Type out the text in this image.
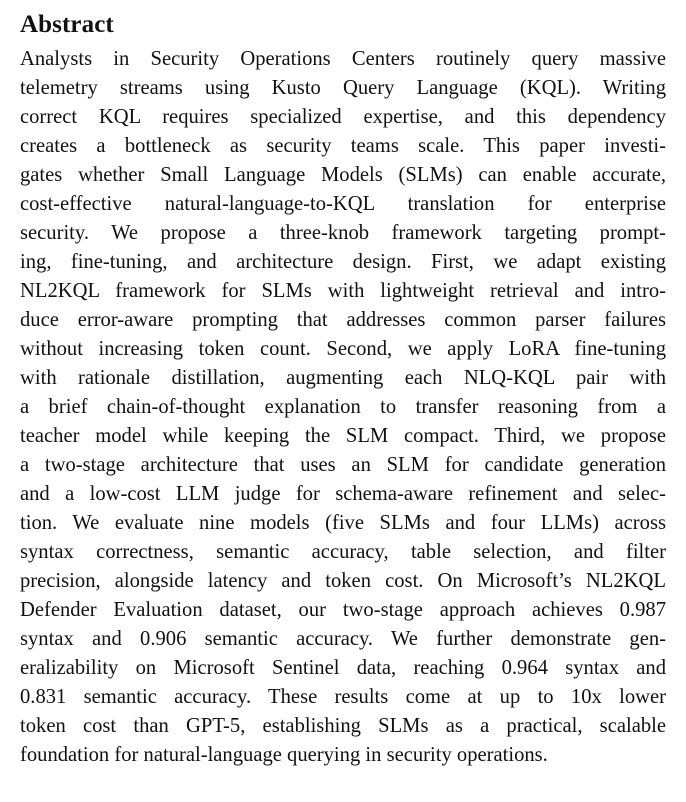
Abstract
Analysts in Security Operations Centers routinely query massive
telemetry streams using Kusto Query Language (KQL). Writing
correct KQL requires specialized expertise, and this dependency
creates a bottleneck as security teams scale. This paper investi-
gates whether Small Language Models (SLMs) can enable accurate,
cost-effective natural-language-to-KQL translation for enterprise
security. We propose a three-knob framework targeting prompt-
ing, fine-tuning, and architecture design. First, we adapt existing
NL2KQL framework for SLMs with lightweight retrieval and intro-
duce error-aware prompting that addresses common parser failures
without increasing token count. Second, we apply LoRA fine-tuning
with rationale distillation, augmenting each NLQ-KQL pair with
a brief chain-of-thought explanation to transfer reasoning from a
teacher model while keeping the SLM compact. Third, we propose
a two-stage architecture that uses an SLM for candidate generation
and a low-cost LLM judge for schema-aware refinement and selec-
tion. We evaluate nine models (five SLMs and four LLMs) across
syntax correctness, semantic accuracy, table selection, and filter
precision, alongside latency and token cost. On Microsoft’s NL2KQL
Defender Evaluation dataset, our two-stage approach achieves 0.987
syntax and 0.906 semantic accuracy. We further demonstrate gen-
eralizability on Microsoft Sentinel data, reaching 0.964 syntax and
0.831 semantic accuracy. These results come at up to 10x lower
token cost than GPT-5, establishing SLMs as a practical, scalable
foundation for natural-language querying in security operations.
